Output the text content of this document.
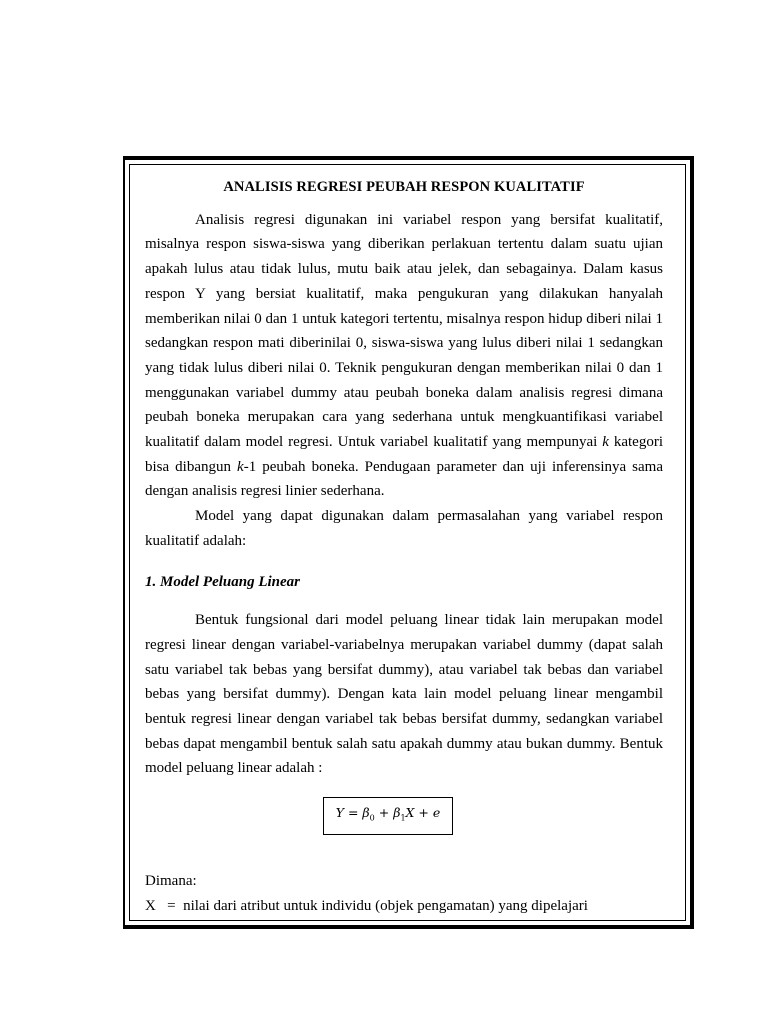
ANALISIS REGRESI PEUBAH RESPON KUALITATIF

Analisis regresi digunakan ini variabel respon yang bersifat kualitatif, misalnya respon siswa-siswa yang diberikan perlakuan tertentu dalam suatu ujian apakah lulus atau tidak lulus, mutu baik atau jelek, dan sebagainya. Dalam kasus respon Y yang bersiat kualitatif, maka pengukuran yang dilakukan hanyalah memberikan nilai 0 dan 1 untuk kategori tertentu, misalnya respon hidup diberi nilai 1 sedangkan respon mati diberinilai 0, siswa-siswa yang lulus diberi nilai 1 sedangkan yang tidak lulus diberi nilai 0. Teknik pengukuran dengan memberikan nilai 0 dan 1 menggunakan variabel dummy atau peubah boneka dalam analisis regresi dimana peubah boneka merupakan cara yang sederhana untuk mengkuantifikasi variabel kualitatif dalam model regresi. Untuk variabel kualitatif yang mempunyai k kategori bisa dibangun k-1 peubah boneka. Pendugaan parameter dan uji inferensinya sama dengan analisis regresi linier sederhana.

Model yang dapat digunakan dalam permasalahan yang variabel respon kualitatif adalah:

1. Model Peluang Linear

Bentuk fungsional dari model peluang linear tidak lain merupakan model regresi linear dengan variabel-variabelnya merupakan variabel dummy (dapat salah satu variabel tak bebas yang bersifat dummy), atau variabel tak bebas dan variabel bebas yang bersifat dummy). Dengan kata lain model peluang linear mengambil bentuk regresi linear dengan variabel tak bebas bersifat dummy, sedangkan variabel bebas dapat mengambil bentuk salah satu apakah dummy atau bukan dummy. Bentuk model peluang linear adalah :

$Y = \beta_0 + \beta_1X + e$

Dimana:

X = nilai dari atribut untuk individu (objek pengamatan) yang dipelajari
